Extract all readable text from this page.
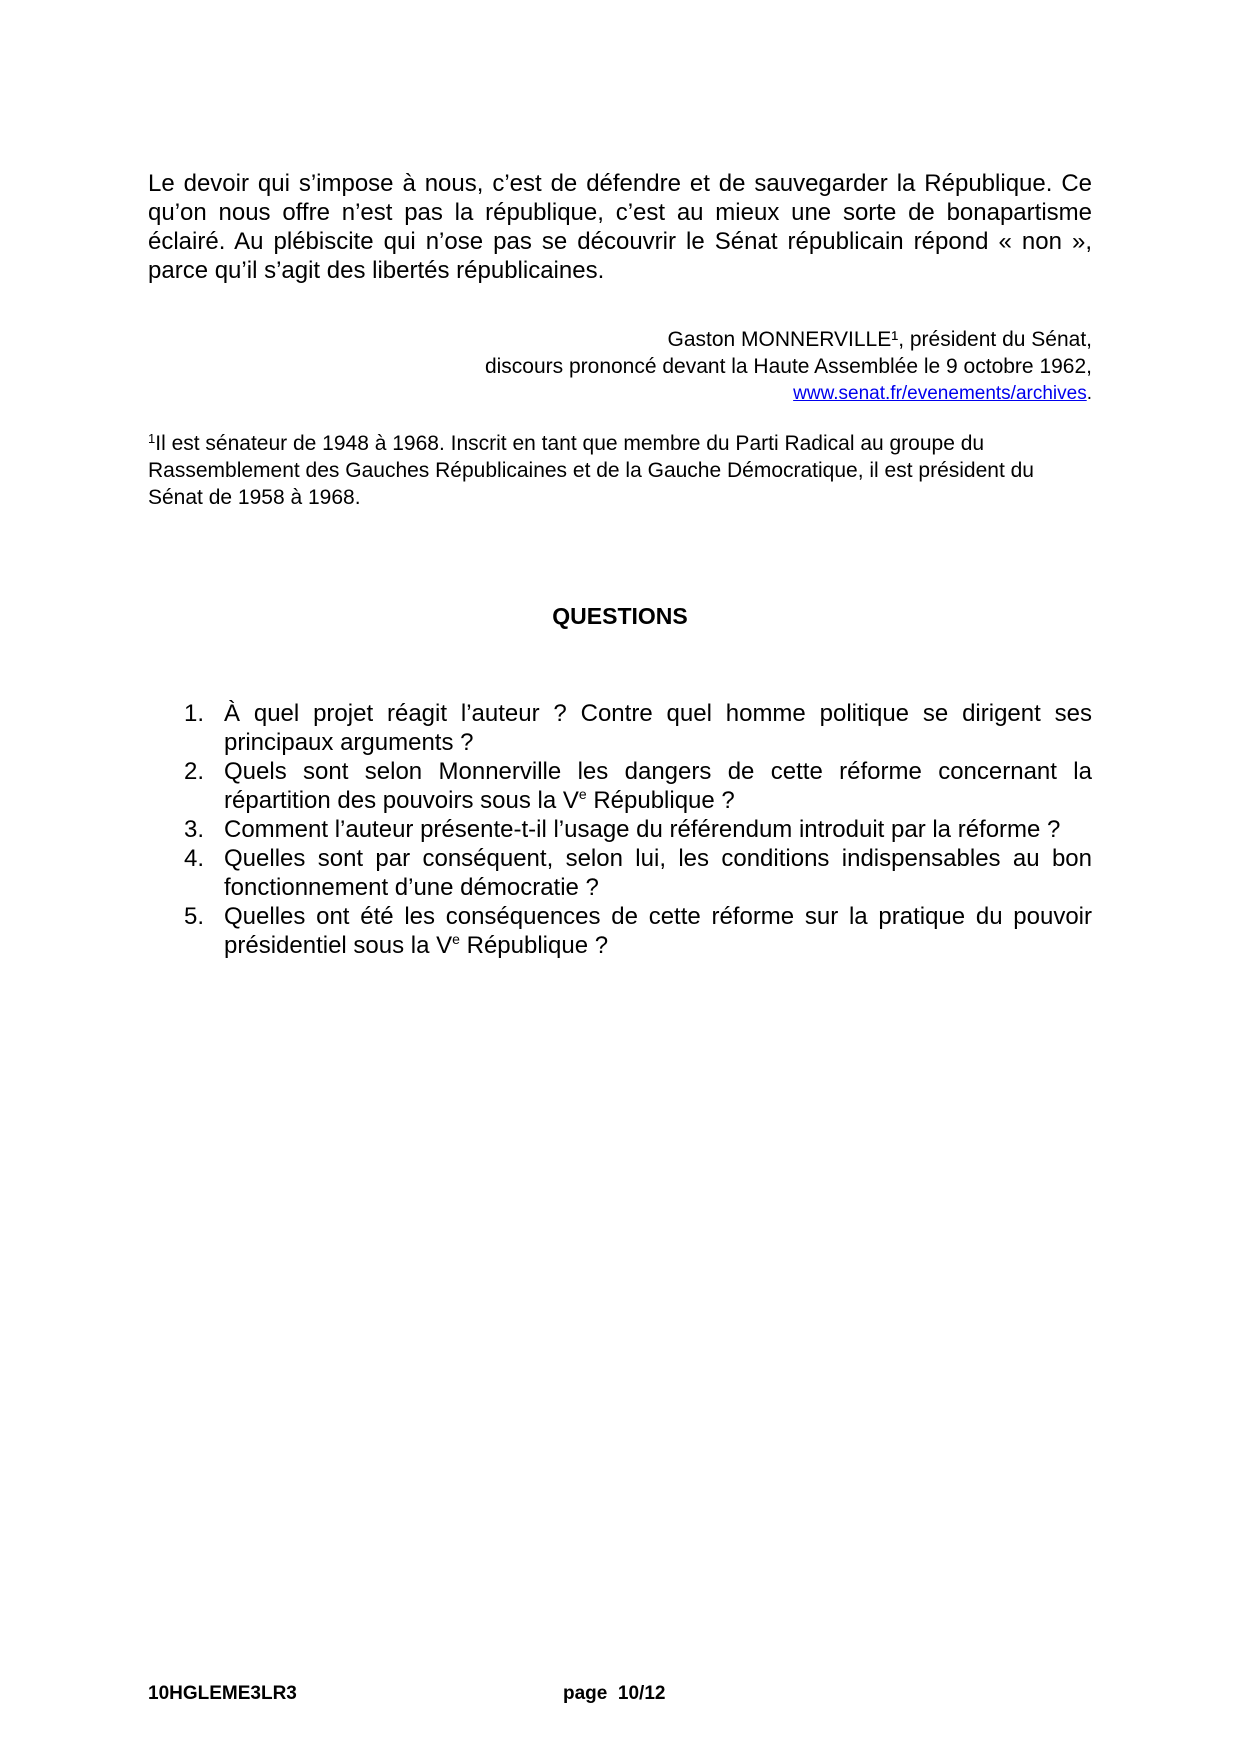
Le devoir qui s’impose à nous, c’est de défendre et de sauvegarder la République. Ce qu’on nous offre n’est pas la république, c’est au mieux une sorte de bonapartisme éclairé. Au plébiscite qui n’ose pas se découvrir le Sénat républicain répond « non », parce qu’il s’agit des libertés républicaines.

Gaston MONNERVILLE¹, président du Sénat,
discours prononcé devant la Haute Assemblée le 9 octobre 1962,
www.senat.fr/evenements/archives.

$^1$Il est sénateur de 1948 à 1968. Inscrit en tant que membre du Parti Radical au groupe du Rassemblement des Gauches Républicaines et de la Gauche Démocratique, il est président du Sénat de 1958 à 1968.

QUESTIONS
1. À quel projet réagit l’auteur ? Contre quel homme politique se dirigent ses principaux arguments ?
2. Quels sont selon Monnerville les dangers de cette réforme concernant la répartition des pouvoirs sous la Ve République ?
3. Comment l’auteur présente-t-il l’usage du référendum introduit par la réforme ?
4. Quelles sont par conséquent, selon lui, les conditions indispensables au bon fonctionnement d’une démocratie ?
5. Quelles ont été les conséquences de cette réforme sur la pratique du pouvoir présidentiel sous la Ve République ?
10HGLEME3LR3	page  10/12
